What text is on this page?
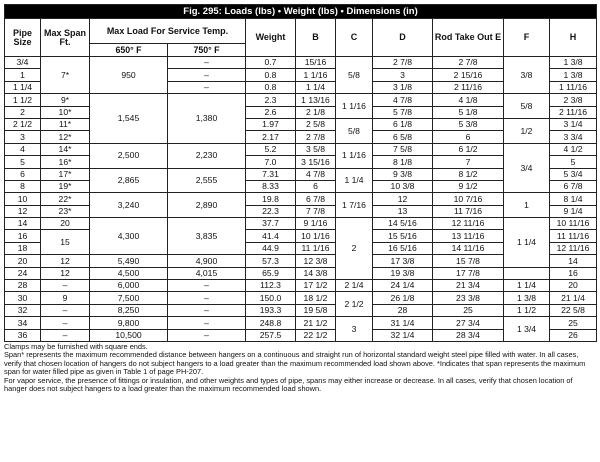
Fig. 295: Loads (lbs) • Weight (lbs) • Dimensions (in)										
Pipe Size	Max Span Ft.	Max Load For Service Temp.		Weight	B	C	D	Rod Take Out E	F	H
		650° F	750° F							
3/4	7*	950	–	0.7	15/16	5/8	2 7/8	2 7/8	3/8	1 3/8
1			–	0.8	1 1/16		3	2 15/16		1 3/8
1 1/4			–	0.8	1 1/4		3 1/8	2 11/16		1 11/16
1 1/2	9*	1,545	1,380	2.3	1 13/16	1 1/16	4 7/8	4 1/8	5/8	2 3/8
2	10*			2.6	2 1/8		5 7/8	5 1/8		2 11/16
2 1/2	11*			1.97	2 5/8	5/8	6 1/8	5 3/8	1/2	3 1/4
3	12*			2.17	2 7/8		6 5/8	6		3 3/4
4	14*	2,500	2,230	5.2	3 5/8	1 1/16	7 5/8	6 1/2	3/4	4 1/2
5	16*			7.0	3 15/16		8 1/8	7		5
6	17*	2,865	2,555	7.31	4 7/8	1 1/4	9 3/8	8 1/2		5 3/4
8	19*			8.33	6		10 3/8	9 1/2		6 7/8
10	22*	3,240	2,890	19.8	6 7/8	1 7/16	12	10 7/16	1	8 1/4
12	23*			22.3	7 7/8		13	11 7/16		9 1/4
14	20	4,300	3,835	37.7	9 1/16	2	14 5/16	12 11/16	1 1/4	10 11/16
16	15			41.4	10 1/16		15 5/16	13 11/16		11 11/16
18				44.9	11 1/16		16 5/16	14 11/16		12 11/16
20	12	5,490	4,900	57.3	12 3/8		17 3/8	15 7/8		14
24	12	4,500	4,015	65.9	14 3/8		19 3/8	17 7/8		16
28	–	6,000	–	112.3	17 1/2	2 1/4	24 1/4	21 3/4	1 1/4	20
30	9	7,500	–	150.0	18 1/2	2 1/2	26 1/8	23 3/8	1 3/8	21 1/4
32	–	8,250	–	193.3	19 5/8		28	25	1 1/2	22 5/8
34	–	9,800	–	248.8	21 1/2	3	31 1/4	27 3/4	1 3/4	25
36	–	10,500	–	257.5	22 1/2		32 1/4	28 3/4		26
Clamps may be furnished with square ends.
Span* represents the maximum recommended distance between hangers on a continuous and straight run of horizontal standard weight steel pipe filled with water. In all cases, verify that chosen location of hangers do not subject hangers to a load greater than the maximum recommended load shown above. *Indicates that span represents the maximum span for water filled pipe as given in Table 1 of page PH-207.
For vapor service, the presence of fittings or insulation, and other weights and types of pipe, spans may either increase or decrease. In all cases, verify that chosen location of hanger does not subject hangers to a load greater than the maximum recommended load shown.
